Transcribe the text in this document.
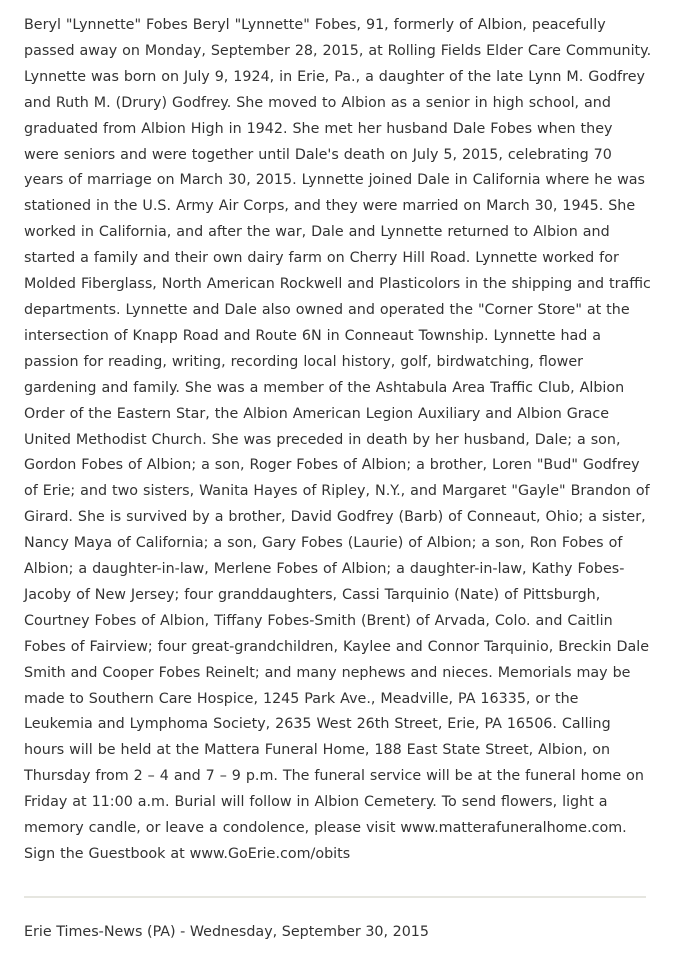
Beryl "Lynnette" Fobes Beryl "Lynnette" Fobes, 91, formerly of Albion, peacefully passed away on Monday, September 28, 2015, at Rolling Fields Elder Care Community. Lynnette was born on July 9, 1924, in Erie, Pa., a daughter of the late Lynn M. Godfrey and Ruth M. (Drury) Godfrey. She moved to Albion as a senior in high school, and graduated from Albion High in 1942. She met her husband Dale Fobes when they were seniors and were together until Dale's death on July 5, 2015, celebrating 70 years of marriage on March 30, 2015. Lynnette joined Dale in California where he was stationed in the U.S. Army Air Corps, and they were married on March 30, 1945. She worked in California, and after the war, Dale and Lynnette returned to Albion and started a family and their own dairy farm on Cherry Hill Road. Lynnette worked for Molded Fiberglass, North American Rockwell and Plasticolors in the shipping and traffic departments. Lynnette and Dale also owned and operated the "Corner Store" at the intersection of Knapp Road and Route 6N in Conneaut Township. Lynnette had a passion for reading, writing, recording local history, golf, birdwatching, flower gardening and family. She was a member of the Ashtabula Area Traffic Club, Albion Order of the Eastern Star, the Albion American Legion Auxiliary and Albion Grace United Methodist Church. She was preceded in death by her husband, Dale; a son, Gordon Fobes of Albion; a son, Roger Fobes of Albion; a brother, Loren "Bud" Godfrey of Erie; and two sisters, Wanita Hayes of Ripley, N.Y., and Margaret "Gayle" Brandon of Girard. She is survived by a brother, David Godfrey (Barb) of Conneaut, Ohio; a sister, Nancy Maya of California; a son, Gary Fobes (Laurie) of Albion; a son, Ron Fobes of Albion; a daughter-in-law, Merlene Fobes of Albion; a daughter-in-law, Kathy Fobes-Jacoby of New Jersey; four granddaughters, Cassi Tarquinio (Nate) of Pittsburgh, Courtney Fobes of Albion, Tiffany Fobes-Smith (Brent) of Arvada, Colo. and Caitlin Fobes of Fairview; four great-grandchildren, Kaylee and Connor Tarquinio, Breckin Dale Smith and Cooper Fobes Reinelt; and many nephews and nieces. Memorials may be made to Southern Care Hospice, 1245 Park Ave., Meadville, PA 16335, or the Leukemia and Lymphoma Society, 2635 West 26th Street, Erie, PA 16506. Calling hours will be held at the Mattera Funeral Home, 188 East State Street, Albion, on Thursday from 2 – 4 and 7 – 9 p.m. The funeral service will be at the funeral home on Friday at 11:00 a.m. Burial will follow in Albion Cemetery. To send flowers, light a memory candle, or leave a condolence, please visit www.matterafuneralhome.com. Sign the Guestbook at www.GoErie.com/obits

Erie Times-News (PA) - Wednesday, September 30, 2015
